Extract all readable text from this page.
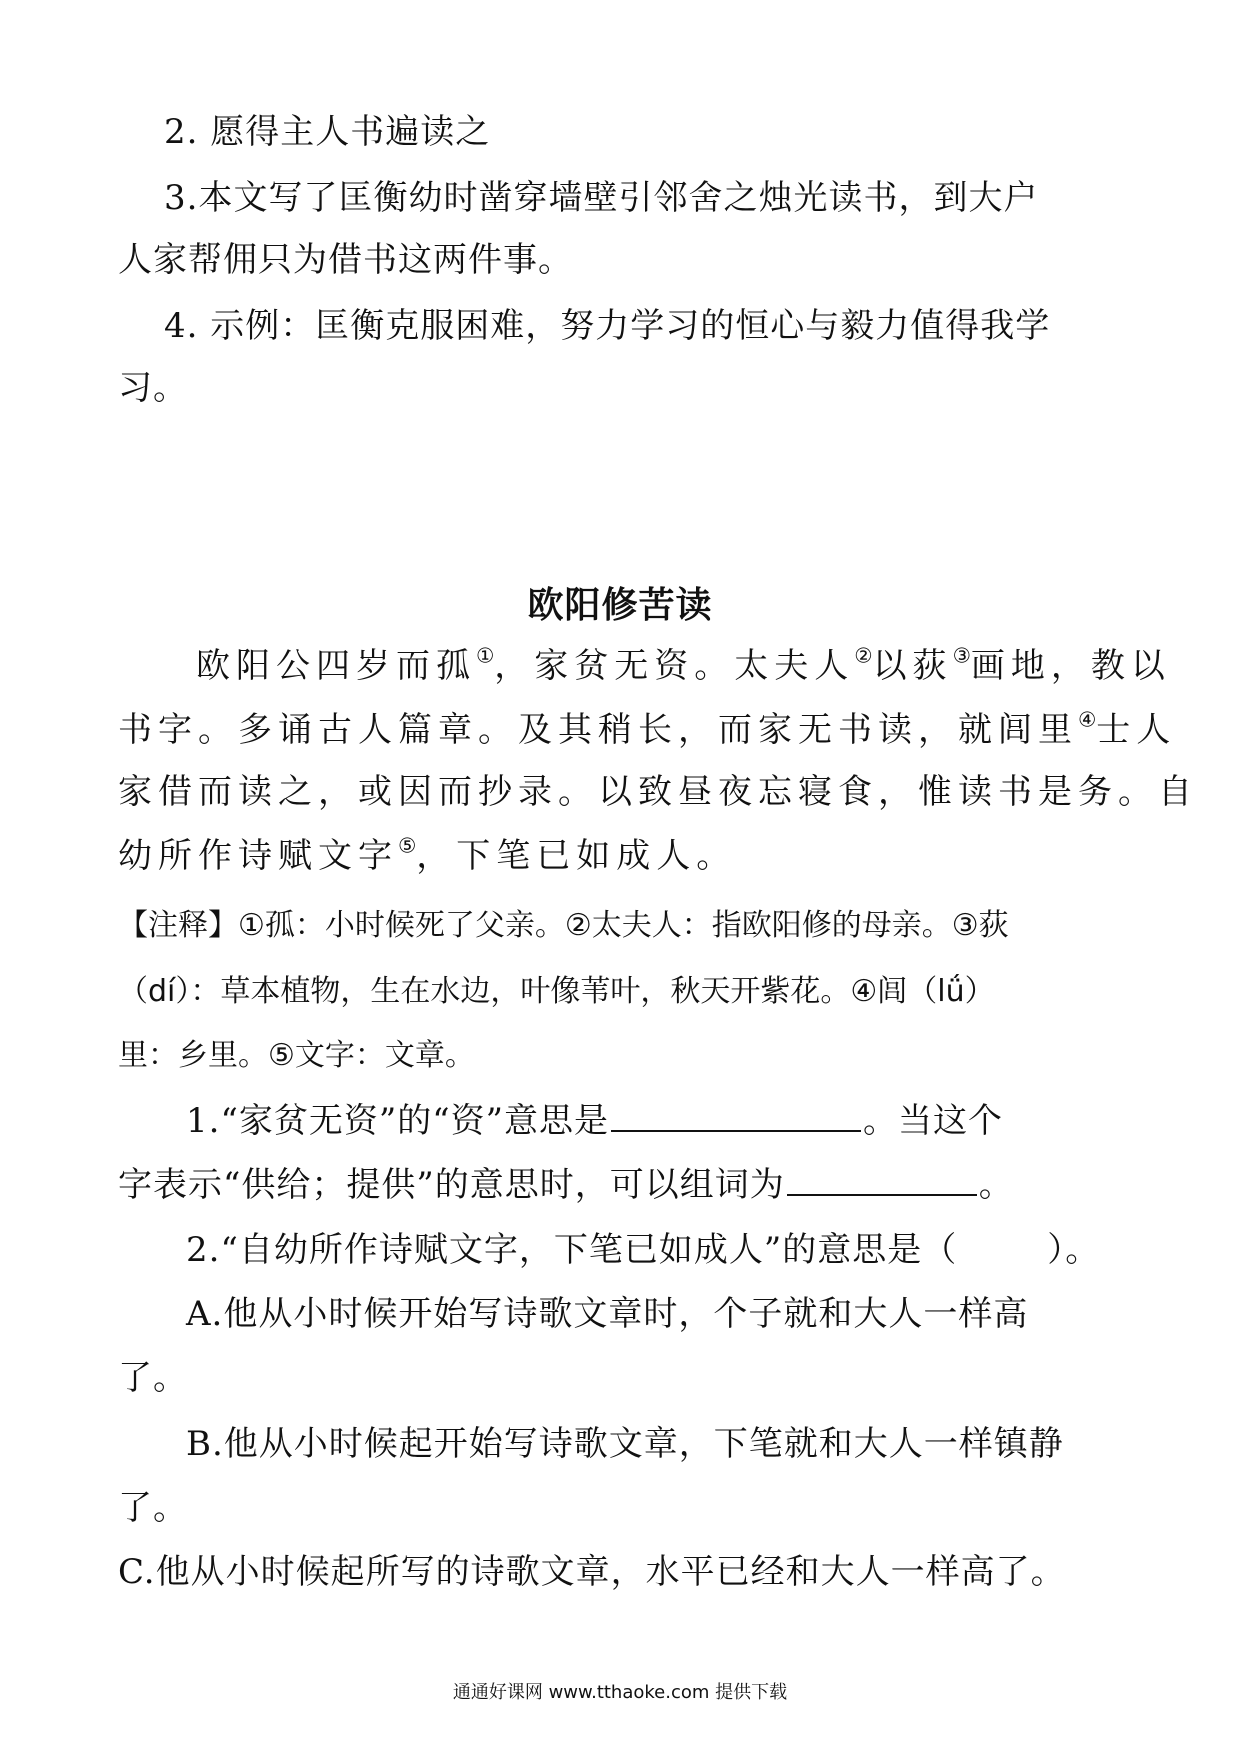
2. 愿得主人书遍读之
3.本文写了匡衡幼时凿穿墙壁引邻舍之烛光读书，到大户
人家帮佣只为借书这两件事。
4. 示例：匡衡克服困难，努力学习的恒心与毅力值得我学
习。
欧阳修苦读
欧阳公四岁而孤①，家贫无资。太夫人②以荻③画地，教以
书字。多诵古人篇章。及其稍长，而家无书读，就闾里④士人
家借而读之，或因而抄录。以致昼夜忘寝食，惟读书是务。自
幼所作诗赋文字⑤，下笔已如成人。
【注释】①孤：小时候死了父亲。②太夫人：指欧阳修的母亲。③荻
（dí）：草本植物，生在水边，叶像苇叶，秋天开紫花。④闾（lǘ）
里：乡里。⑤文字：文章。
1.“家贫无资”的“资”意思是	。当这个
字表示“供给；提供”的意思时，可以组词为	。
2.“自幼所作诗赋文字，下笔已如成人”的意思是（	）。
A.他从小时候开始写诗歌文章时，个子就和大人一样高
了。
B.他从小时候起开始写诗歌文章，下笔就和大人一样镇静
了。
C.他从小时候起所写的诗歌文章，水平已经和大人一样高了。
通通好课网 www.tthaoke.com 提供下载
